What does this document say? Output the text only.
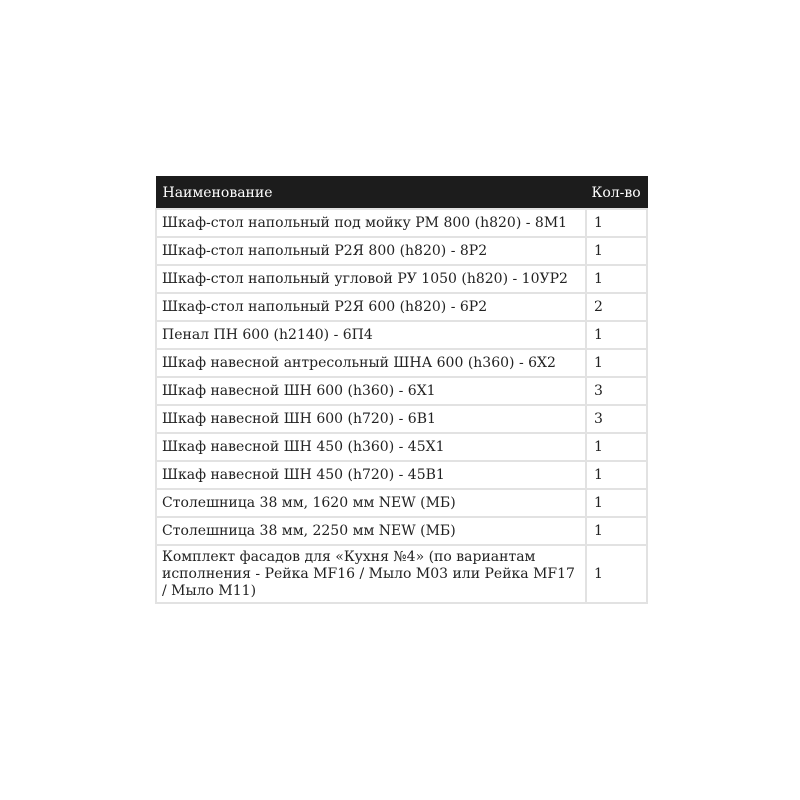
Наименование	Кол-во
Шкаф-стол напольный под мойку РМ 800 (h820) - 8M1	1
Шкаф-стол напольный Р2Я 800 (h820) - 8Р2	1
Шкаф-стол напольный угловой РУ 1050 (h820) - 10УР2	1
Шкаф-стол напольный Р2Я 600 (h820) - 6Р2	2
Пенал ПН 600 (h2140) - 6П4	1
Шкаф навесной антресольный ШНА 600 (h360) - 6Х2	1
Шкаф навесной ШН 600 (h360) - 6Х1	3
Шкаф навесной ШН 600 (h720) - 6В1	3
Шкаф навесной ШН 450 (h360) - 45Х1	1
Шкаф навесной ШН 450 (h720) - 45В1	1
Столешница 38 мм, 1620 мм NEW (МБ)	1
Столешница 38 мм, 2250 мм NEW (МБ)	1
Комплект фасадов для «Кухня №4» (по вариантам исполнения - Рейка MF16 / Мыло М03 или Рейка MF17 / Мыло М11)	1
